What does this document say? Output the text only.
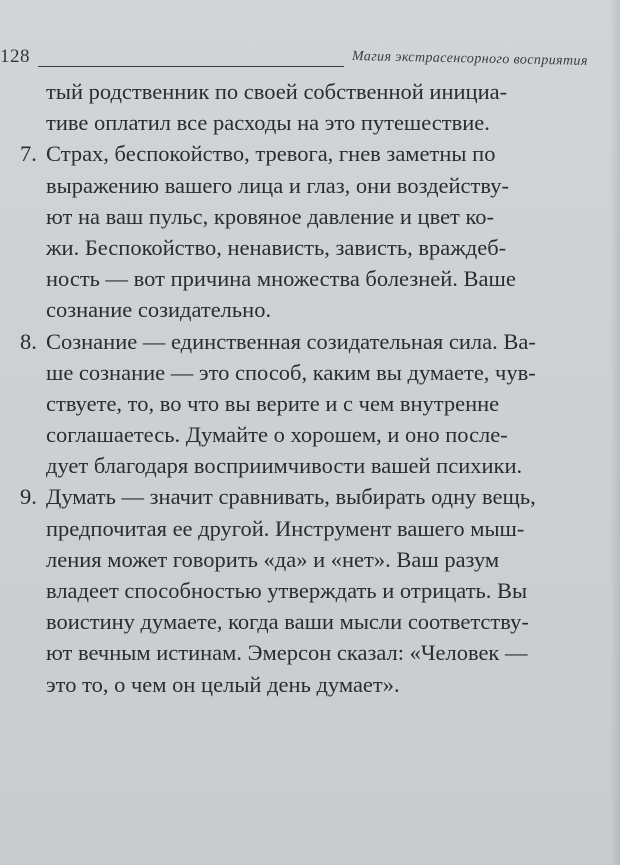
128	Магия экстрасенсорного восприятия
тый родственник по своей собственной инициа-
тиве оплатил все расходы на это путешествие.
7. Страх, беспокойство, тревога, гнев заметны по
выражению вашего лица и глаз, они воздейству-
ют на ваш пульс, кровяное давление и цвет ко-
жи. Беспокойство, ненависть, зависть, враждеб-
ность — вот причина множества болезней. Ваше
сознание созидательно.
8. Сознание — единственная созидательная сила. Ва-
ше сознание — это способ, каким вы думаете, чув-
ствуете, то, во что вы верите и с чем внутренне
соглашаетесь. Думайте о хорошем, и оно после-
дует благодаря восприимчивости вашей психики.
9. Думать — значит сравнивать, выбирать одну вещь,
предпочитая ее другой. Инструмент вашего мыш-
ления может говорить «да» и «нет». Ваш разум
владеет способностью утверждать и отрицать. Вы
воистину думаете, когда ваши мысли соответству-
ют вечным истинам. Эмерсон сказал: «Человек —
это то, о чем он целый день думает».
